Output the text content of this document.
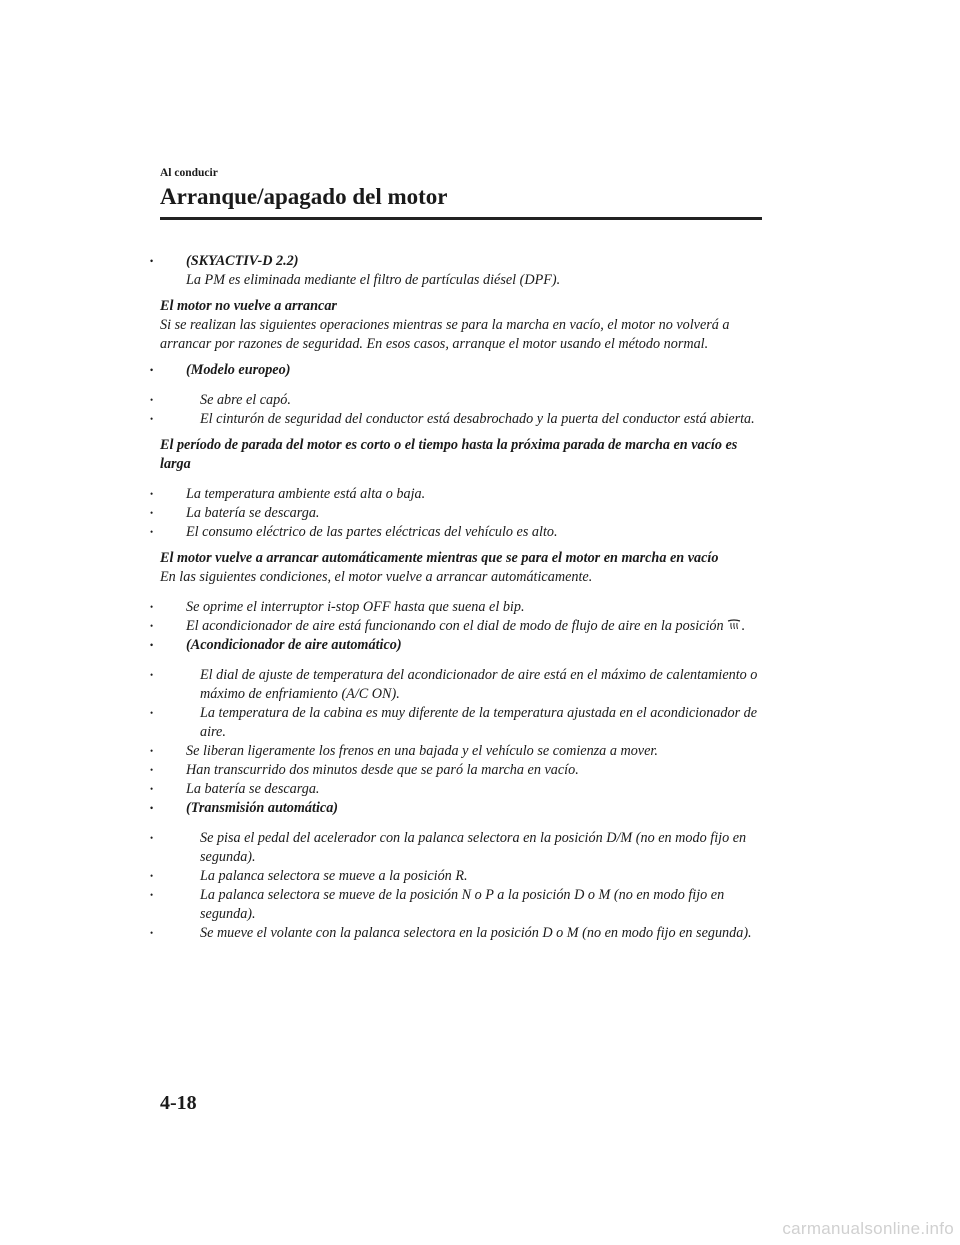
Al conducir
Arranque/apagado del motor
• (SKYACTIV-D 2.2)
La PM es eliminada mediante el filtro de partículas diésel (DPF).
El motor no vuelve a arrancar
Si se realizan las siguientes operaciones mientras se para la marcha en vacío, el motor no volverá a arrancar por razones de seguridad. En esos casos, arranque el motor usando el método normal.
• (Modelo europeo)
• Se abre el capó.
• El cinturón de seguridad del conductor está desabrochado y la puerta del conductor está abierta.
El período de parada del motor es corto o el tiempo hasta la próxima parada de marcha en vacío es larga
• La temperatura ambiente está alta o baja.
• La batería se descarga.
• El consumo eléctrico de las partes eléctricas del vehículo es alto.
El motor vuelve a arrancar automáticamente mientras que se para el motor en marcha en vacío
En las siguientes condiciones, el motor vuelve a arrancar automáticamente.
• Se oprime el interruptor i-stop OFF hasta que suena el bip.
• El acondicionador de aire está funcionando con el dial de modo de flujo de aire en la posición .
• (Acondicionador de aire automático)
• El dial de ajuste de temperatura del acondicionador de aire está en el máximo de calentamiento o máximo de enfriamiento (A/C ON).
• La temperatura de la cabina es muy diferente de la temperatura ajustada en el acondicionador de aire.
• Se liberan ligeramente los frenos en una bajada y el vehículo se comienza a mover.
• Han transcurrido dos minutos desde que se paró la marcha en vacío.
• La batería se descarga.
• (Transmisión automática)
• Se pisa el pedal del acelerador con la palanca selectora en la posición D/M (no en modo fijo en segunda).
• La palanca selectora se mueve a la posición R.
• La palanca selectora se mueve de la posición N o P a la posición D o M (no en modo fijo en segunda).
• Se mueve el volante con la palanca selectora en la posición D o M (no en modo fijo en segunda).
4-18
carmanualsonline.info
